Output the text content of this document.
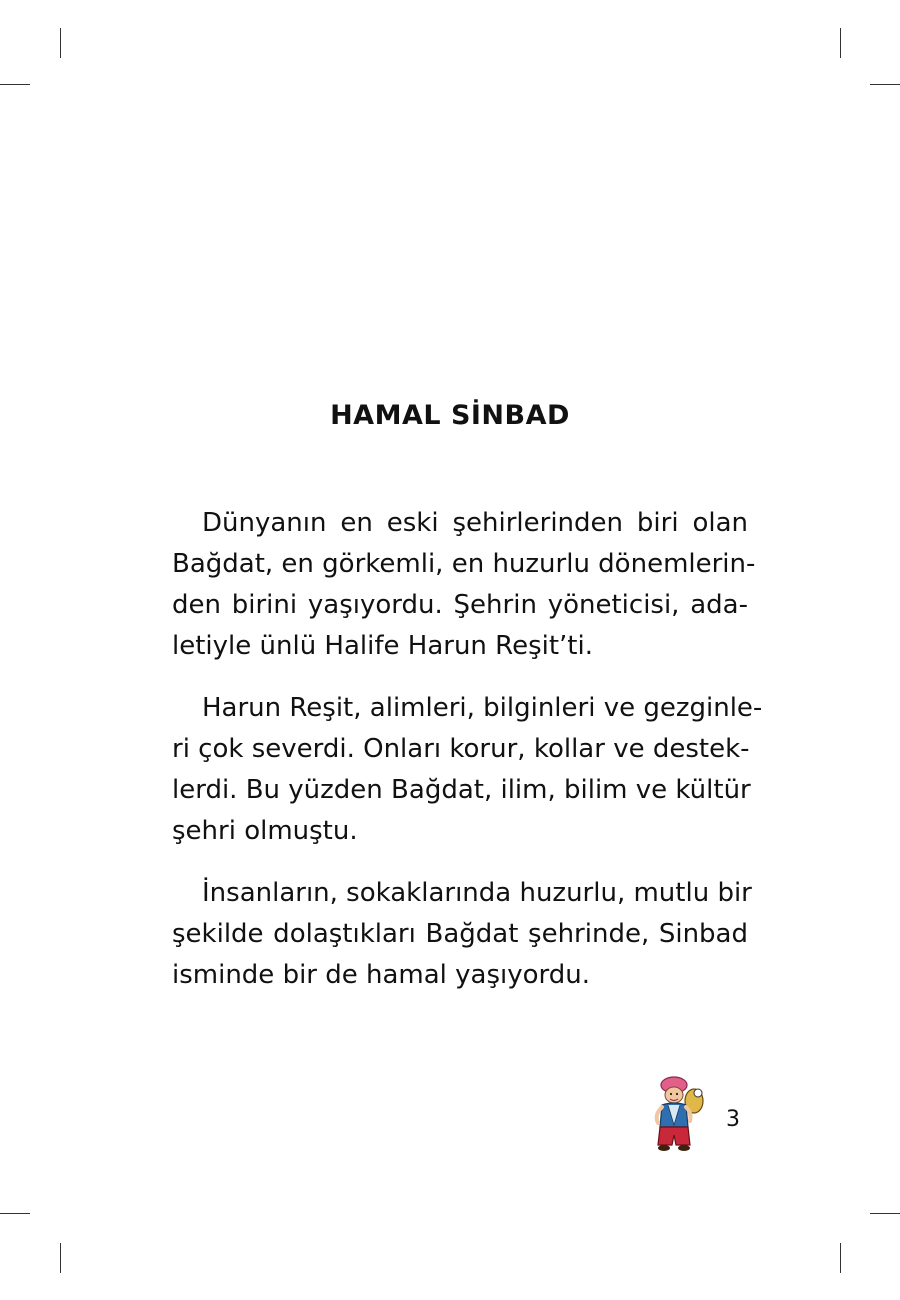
HAMAL SİNBAD
Dünyanın en eski şehirlerinden biri olan
Bağdat, en görkemli, en huzurlu dönemlerin-
den birini yaşıyordu. Şehrin yöneticisi, ada-
letiyle ünlü Halife Harun Reşit’ti.
Harun Reşit, alimleri, bilginleri ve gezginle-
ri çok severdi. Onları korur, kollar ve destek-
lerdi. Bu yüzden Bağdat, ilim, bilim ve kültür
şehri olmuştu.
İnsanların, sokaklarında huzurlu, mutlu bir
şekilde dolaştıkları Bağdat şehrinde, Sinbad
isminde bir de hamal yaşıyordu.
3
